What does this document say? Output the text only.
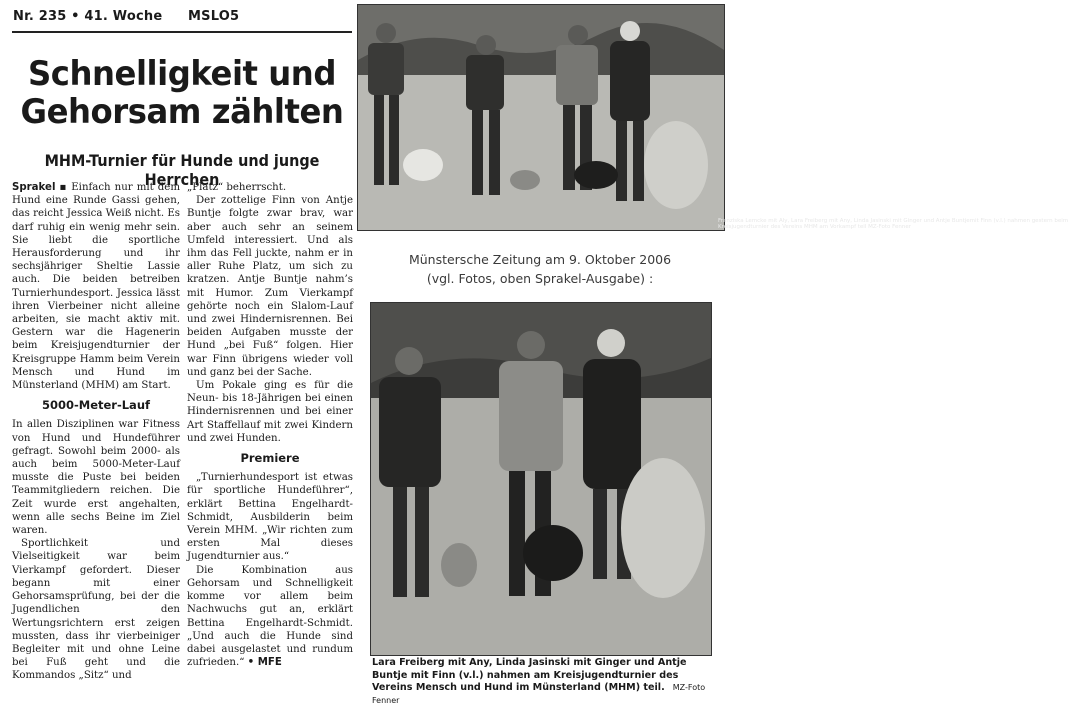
Nr. 235 • 41. Woche MSLO5
Schnelligkeit und
Gehorsam zählten
MHM-Turnier für Hunde und junge Herrchen

Sprakel ▪ Einfach nur mit dem Hund eine Runde Gassi gehen, das reicht Jessica Weiß nicht. Es darf ruhig ein wenig mehr sein. Sie liebt die sportliche Herausforderung und ihr sechsjähriger Sheltie Lassie auch. Die beiden betreiben Turnierhundesport. Jessica lässt ihren Vierbeiner nicht alleine arbeiten, sie macht aktiv mit. Gestern war die Hagenerin beim Kreisjugendturnier der Kreisgruppe Hamm beim Verein Mensch und Hund im Münsterland (MHM) am Start.

5000-Meter-Lauf

In allen Disziplinen war Fitness von Hund und Hundeführer gefragt. Sowohl beim 2000- als auch beim 5000-Meter-Lauf musste die Puste bei beiden Teammitgliedern reichen. Die Zeit wurde erst angehalten, wenn alle sechs Beine im Ziel waren.

Sportlichkeit und Vielseitigkeit war beim Vierkampf gefordert. Dieser begann mit einer Gehorsamsprüfung, bei der die Jugendlichen den Wertungsrichtern erst zeigen mussten, dass ihr vierbeiniger Begleiter mit und ohne Leine bei Fuß geht und die Kommandos „Sitz“ und

„Platz“ beherrscht.

Der zottelige Finn von Antje Buntje folgte zwar brav, war aber auch sehr an seinem Umfeld interessiert. Und als ihm das Fell juckte, nahm er in aller Ruhe Platz, um sich zu kratzen. Antje Buntje nahm’s mit Humor. Zum Vierkampf gehörte noch ein Slalom-Lauf und zwei Hindernisrennen. Bei beiden Aufgaben musste der Hund „bei Fuß“ folgen. Hier war Finn übrigens wieder voll und ganz bei der Sache.

Um Pokale ging es für die Neun- bis 18-Jährigen bei einen Hindernisrennen und bei einer Art Staffellauf mit zwei Kindern und zwei Hunden.

Premiere

„Turnierhundesport ist etwas für sportliche Hundeführer“, erklärt Bettina Engelhardt-Schmidt, Ausbilderin beim Verein MHM. „Wir richten zum ersten Mal dieses Jugendturnier aus.“

Die Kombination aus Gehorsam und Schnelligkeit komme vor allem beim Nachwuchs gut an, erklärt Bettina Engelhardt-Schmidt. „Und auch die Hunde sind dabei ausgelastet und rundum zufrieden.“ • MFE

Franziska Lemcke mit Aly, Lara Freiberg mit Any, Linda Jasinski mit Ginger und Antje Buntjemit Finn (v.l.) nahmen gestern beim Kreisjugendturnier des Vereins MHM am Vorkampf teil MZ-Foto Fenner
Münstersche Zeitung am 9. Oktober 2006
(vgl. Fotos, oben Sprakel-Ausgabe) :
Lara Freiberg mit Any, Linda Jasinski mit Ginger und Antje Buntje mit Finn (v.l.) nahmen am Kreisjugendturnier des Vereins Mensch und Hund im Münsterland (MHM) teil. MZ-Foto Fenner
